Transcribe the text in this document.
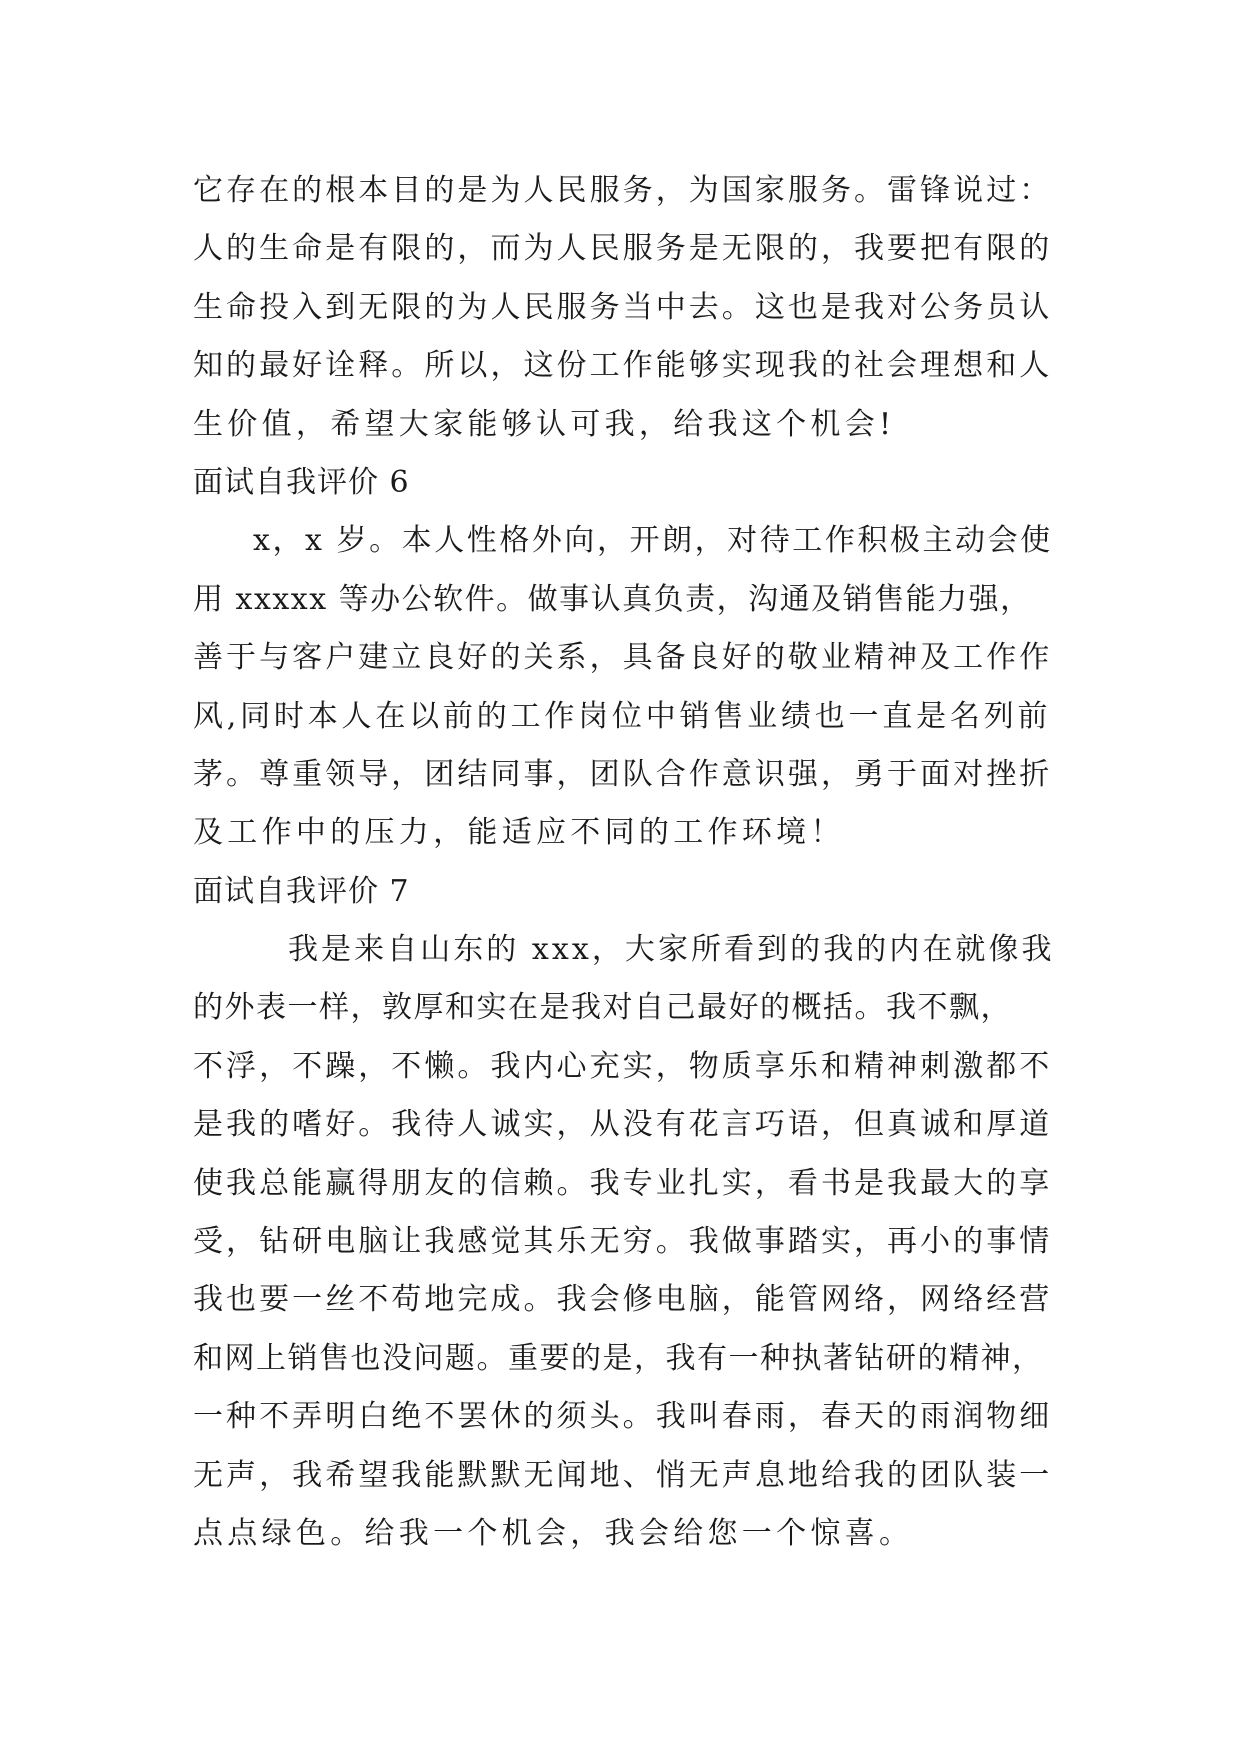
它存在的根本目的是为人民服务，为国家服务。雷锋说过：
人的生命是有限的，而为人民服务是无限的，我要把有限的
生命投入到无限的为人民服务当中去。这也是我对公务员认
知的最好诠释。所以，这份工作能够实现我的社会理想和人
生价值，希望大家能够认可我，给我这个机会!
面试自我评价 6
x，x 岁。本人性格外向，开朗，对待工作积极主动会使
用 xxxxx 等办公软件。做事认真负责，沟通及销售能力强，
善于与客户建立良好的关系，具备良好的敬业精神及工作作
风,同时本人在以前的工作岗位中销售业绩也一直是名列前
茅。尊重领导，团结同事，团队合作意识强，勇于面对挫折
及工作中的压力，能适应不同的工作环境！
面试自我评价 7
我是来自山东的 xxx，大家所看到的我的内在就像我
的外表一样，敦厚和实在是我对自己最好的概括。我不飘，
不浮，不躁，不懒。我内心充实，物质享乐和精神刺激都不
是我的嗜好。我待人诚实，从没有花言巧语，但真诚和厚道
使我总能赢得朋友的信赖。我专业扎实，看书是我最大的享
受，钻研电脑让我感觉其乐无穷。我做事踏实，再小的事情
我也要一丝不苟地完成。我会修电脑，能管网络，网络经营
和网上销售也没问题。重要的是，我有一种执著钻研的精神，
一种不弄明白绝不罢休的须头。我叫春雨，春天的雨润物细
无声，我希望我能默默无闻地、悄无声息地给我的团队装一
点点绿色。给我一个机会，我会给您一个惊喜。
